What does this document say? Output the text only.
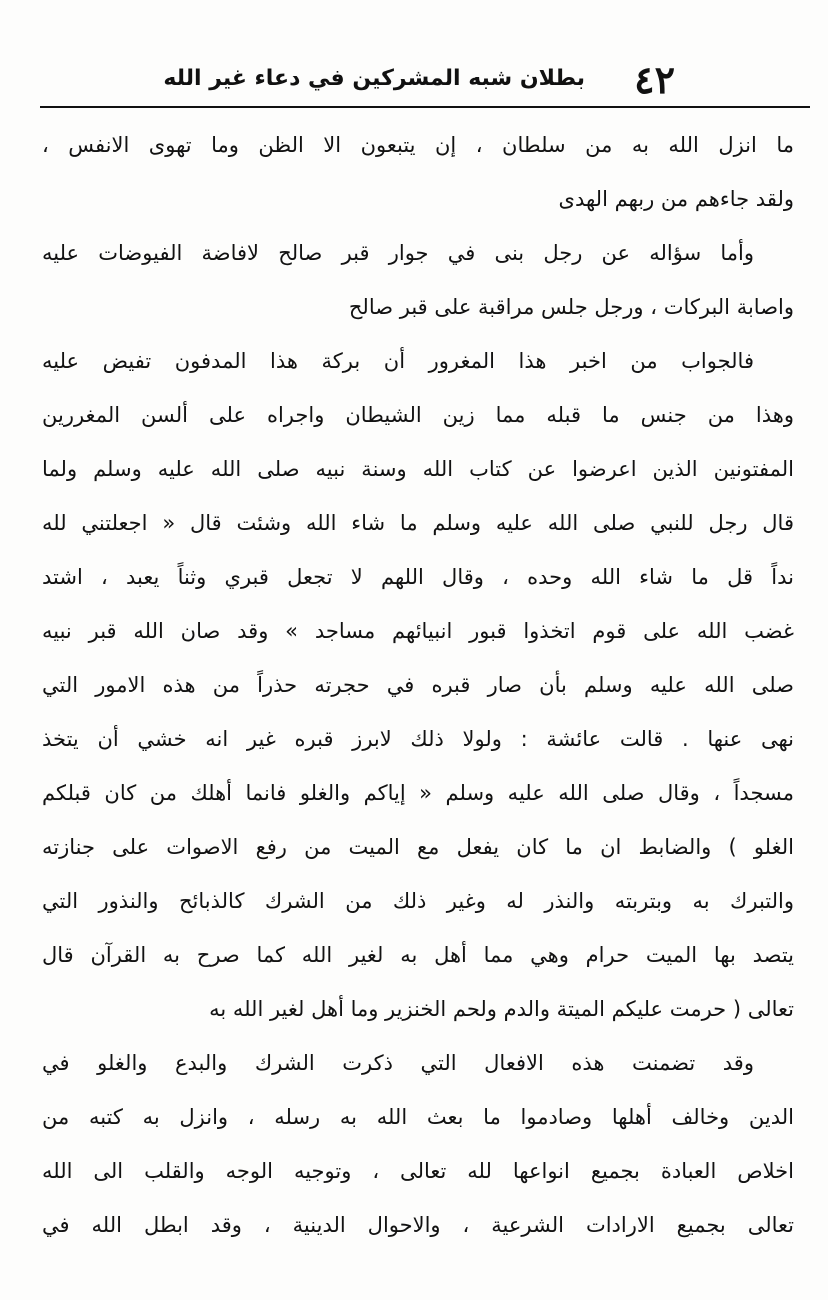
٤٢
بطلان شبه المشركين في دعاء غير الله
ما انزل الله به من سلطان ، إن يتبعون الا الظن وما تهوى الانفس ،
ولقد جاءهم من ربهم الهدى
وأما سؤاله عن رجل بنى في جوار قبر صالح لافاضة الفيوضات عليه
واصابة البركات ، ورجل جلس مراقبة على قبر صالح
فالجواب من اخبر هذا المغرور أن بركة هذا المدفون تفيض عليه
وهذا من جنس ما قبله مما زين الشيطان واجراه على ألسن المغررين
المفتونين الذين اعرضوا عن كتاب الله وسنة نبيه صلى الله عليه وسلم ولما
قال رجل للنبي صلى الله عليه وسلم ما شاء الله وشئت قال « اجعلتني لله
نداً قل ما شاء الله وحده ، وقال اللهم لا تجعل قبري وثناً يعبد ، اشتد
غضب الله على قوم اتخذوا قبور انبيائهم مساجد » وقد صان الله قبر نبيه
صلى الله عليه وسلم بأن صار قبره في حجرته حذراً من هذه الامور التي
نهى عنها . قالت عائشة : ولولا ذلك لابرز قبره غير انه خشي أن يتخذ
مسجداً ، وقال صلى الله عليه وسلم « إياكم والغلو فانما أهلك من كان قبلكم
الغلو ) والضابط ان ما كان يفعل مع الميت من رفع الاصوات على جنازته
والتبرك به وبتربته والنذر له وغير ذلك من الشرك كالذبائح والنذور التي
يتصد بها الميت حرام وهي مما أهل به لغير الله كما صرح به القرآن قال
تعالى ( حرمت عليكم الميتة والدم ولحم الخنزير وما أهل لغير الله به
وقد تضمنت هذه الافعال التي ذكرت الشرك والبدع والغلو في
الدين وخالف أهلها وصادموا ما بعث الله به رسله ، وانزل به كتبه من
اخلاص العبادة بجميع انواعها لله تعالى ، وتوجيه الوجه والقلب الى الله
تعالى بجميع الارادات الشرعية ، والاحوال الدينية ، وقد ابطل الله في
